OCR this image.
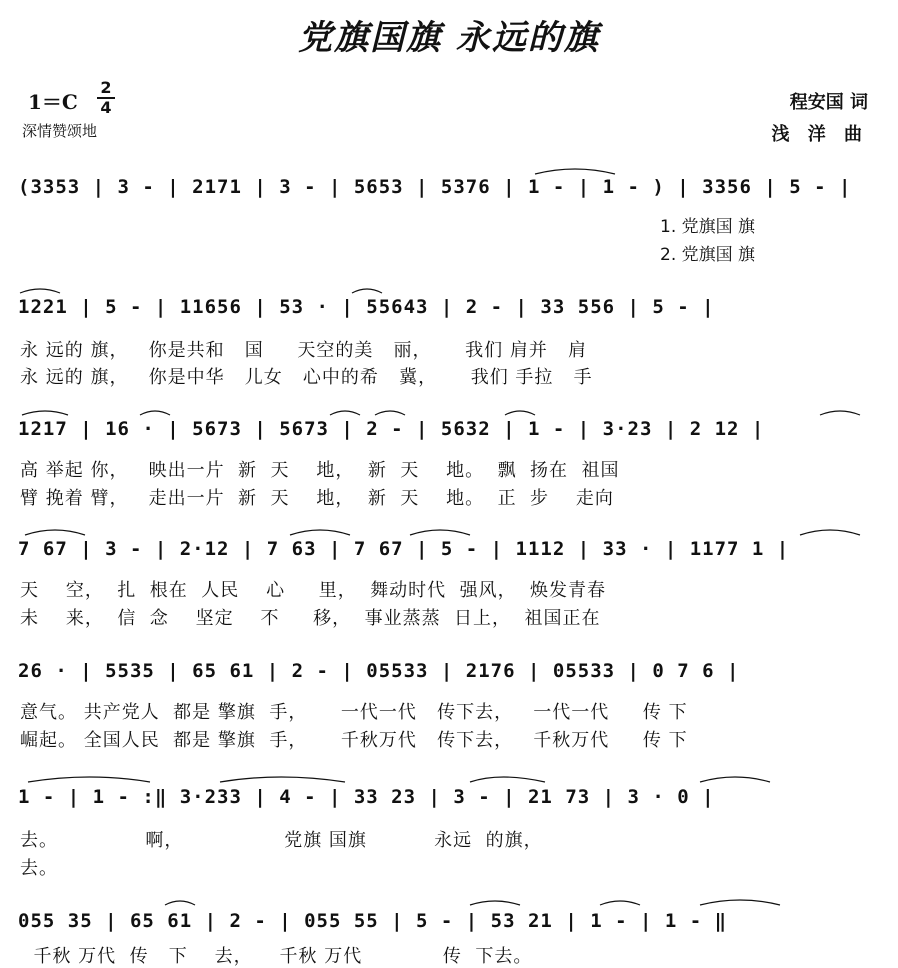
党旗国旗 永远的旗
1＝C
2
4
深情赞颂地
程安国 词
浅 洋 曲
(3353 | 3 - | 2171 | 3 - | 5653 | 5376 | 1 - | 1 - ) | 3356 | 5 - |
1. 党旗国 旗
2. 党旗国 旗
1221 | 5 - | 11656 | 53 · | 55643 | 2 - | 33 556 | 5 - |
永 远的 旗，   你是共和   国     天空的美   丽，     我们 肩并   肩
永 远的 旗，   你是中华   儿女   心中的希   冀，     我们 手拉   手
1217 | 16 · | 5673 | 5673 | 2 - | 5632 | 1 - | 3·23 | 2 12 |
高 举起 你，   映出一片  新  天    地，  新  天    地。  飘  扬在  祖国
臂 挽着 臂，   走出一片  新  天    地，  新  天    地。  正  步    走向
7 67 | 3 - | 2·12 | 7 63 | 7 67 | 5 - | 1112 | 33 · | 1177 1 |
天    空，  扎  根在  人民    心     里，  舞动时代  强风，  焕发青春
未    来，  信  念    坚定    不     移，  事业蒸蒸  日上，  祖国正在
26 · | 5535 | 65 61 | 2 - | 05533 | 2176 | 05533 | 0 7 6 |
意气。 共产党人  都是 擎旗  手，     一代一代   传下去，   一代一代     传 下
崛起。 全国人民  都是 擎旗  手，     千秋万代   传下去，   千秋万代     传 下
1 - | 1 - :‖ 3·233 | 4 - | 33 23 | 3 - | 21 73 | 3 · 0 |
去。             啊，               党旗 国旗          永远  的旗，
去。
055 35 | 65 61 | 2 - | 055 55 | 5 - | 53 21 | 1 - | 1 - ‖
千秋 万代  传   下    去，    千秋 万代            传  下去。
